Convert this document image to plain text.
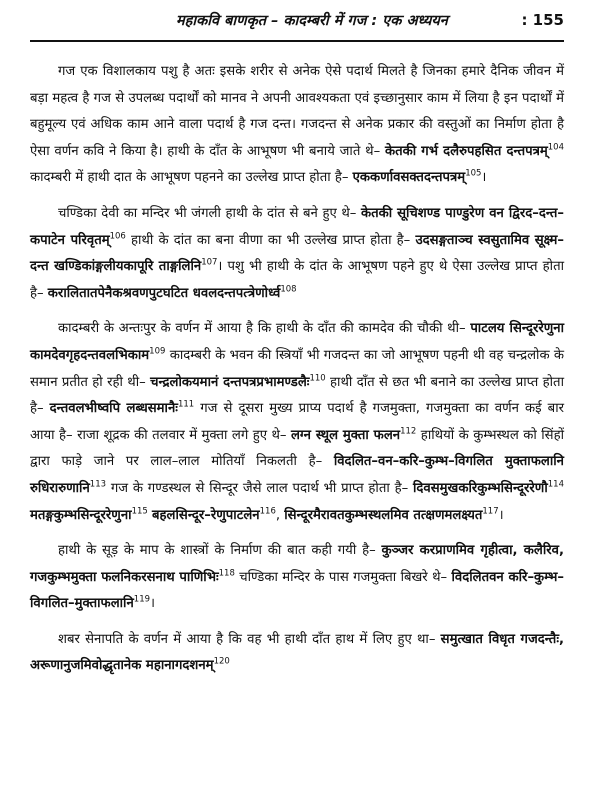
महाकवि बाणकृत – कादम्बरी में गज : एक अध्ययन	: 155

गज एक विशालकाय पशु है अतः इसके शरीर से अनेक ऐसे पदार्थ मिलते है जिनका हमारे दैनिक जीवन में बड़ा महत्व है गज से उपलब्ध पदार्थों को मानव ने अपनी आवश्यकता एवं इच्छानुसार काम में लिया है इन पदार्थों में बहुमूल्य एवं अधिक काम आने वाला पदार्थ है गज दन्त। गजदन्त से अनेक प्रकार की वस्तुओं का निर्माण होता है ऐसा वर्णन कवि ने किया है। हाथी के दाँत के आभूषण भी बनाये जाते थे– केतकी गर्भ दलैरुपहसित दन्तपत्रम्$^{104}$ कादम्बरी में हाथी दात के आभूषण पहनने का उल्लेख प्राप्त होता है– एककर्णावसक्तदन्तपत्रम्$^{105}$।

चण्डिका देवी का मन्दिर भी जंगली हाथी के दांत से बने हुए थे– केतकी सूचिशण्ड पाण्डुरेण वन द्विरद–दन्त–कपाटेन परिवृतम्$^{106}$ हाथी के दांत का बना वीणा का भी उल्लेख प्राप्त होता है– उदसङ्गताञ्च स्वसुतामिव सूक्ष्म–दन्त खण्डिकांङ्गलीयकापूरि ताङ्गलिनि$^{107}$। पशु भी हाथी के दांत के आभूषण पहने हुए थे ऐसा उल्लेख प्राप्त होता है– करालितातपेनैकश्रवणपुटघटित धवलदन्तपत्त्रेणोर्ध्व$^{108}$

कादम्बरी के अन्तःपुर के वर्णन में आया है कि हाथी के दाँत की कामदेव की चौकी थी– पाटलय सिन्दूररेणुना कामदेवगृहदन्तवलभिकाम$^{109}$ कादम्बरी के भवन की स्त्रियाँ भी गजदन्त का जो आभूषण पहनी थी वह चन्द्रलोक के समान प्रतीत हो रही थी– चन्द्रलोकयमानं दन्तपत्रप्रभामण्डलैः$^{110}$ हाथी दाँत से छत भी बनाने का उल्लेख प्राप्त होता है– दन्तवलभीष्वपि लब्धसमानैः$^{111}$ गज से दूसरा मुख्य प्राप्य पदार्थ है गजमुक्ता, गजमुक्ता का वर्णन कई बार आया है– राजा शूद्रक की तलवार में मुक्ता लगे हुए थे– लग्न स्थूल मुक्ता फलन$^{112}$ हाथियों के कुम्भस्थल को सिंहों द्वारा फाड़े जाने पर लाल–लाल मोतियाँ निकलती है– विदलित–वन–करि–कुम्भ–विगलित मुक्ताफलानि रुधिरारुणानि$^{113}$ गज के गण्डस्थल से सिन्दूर जैसे लाल पदार्थ भी प्राप्त होता है– दिवसमुखकरिकुम्भसिन्दूररेणौ$^{114}$ मतङ्गकुम्भसिन्दूररेणुना$^{115}$ बहलसिन्दूर–रेणुपाटलेन$^{116}$, सिन्दूरमैरावतकुम्भस्थलमिव तत्क्षणमलक्ष्यत$^{117}$।

हाथी के सूड़ के माप के शास्त्रों के निर्माण की बात कही गयी है– कुञ्जर करप्राणमिव गृहीत्वा, कलैरिव, गजकुम्भमुक्ता फलनिकरसनाथ पाणिभिः$^{118}$ चण्डिका मन्दिर के पास गजमुक्ता बिखरे थे– विदलितवन करि–कुम्भ–विगलित–मुक्ताफलानि$^{119}$।

शबर सेनापति के वर्णन में आया है कि वह भी हाथी दाँत हाथ में लिए हुए था– समुत्खात विधृत गजदन्तैः, अरूणानुजमिवोद्धृतानेक महानागदशनम्$^{120}$
